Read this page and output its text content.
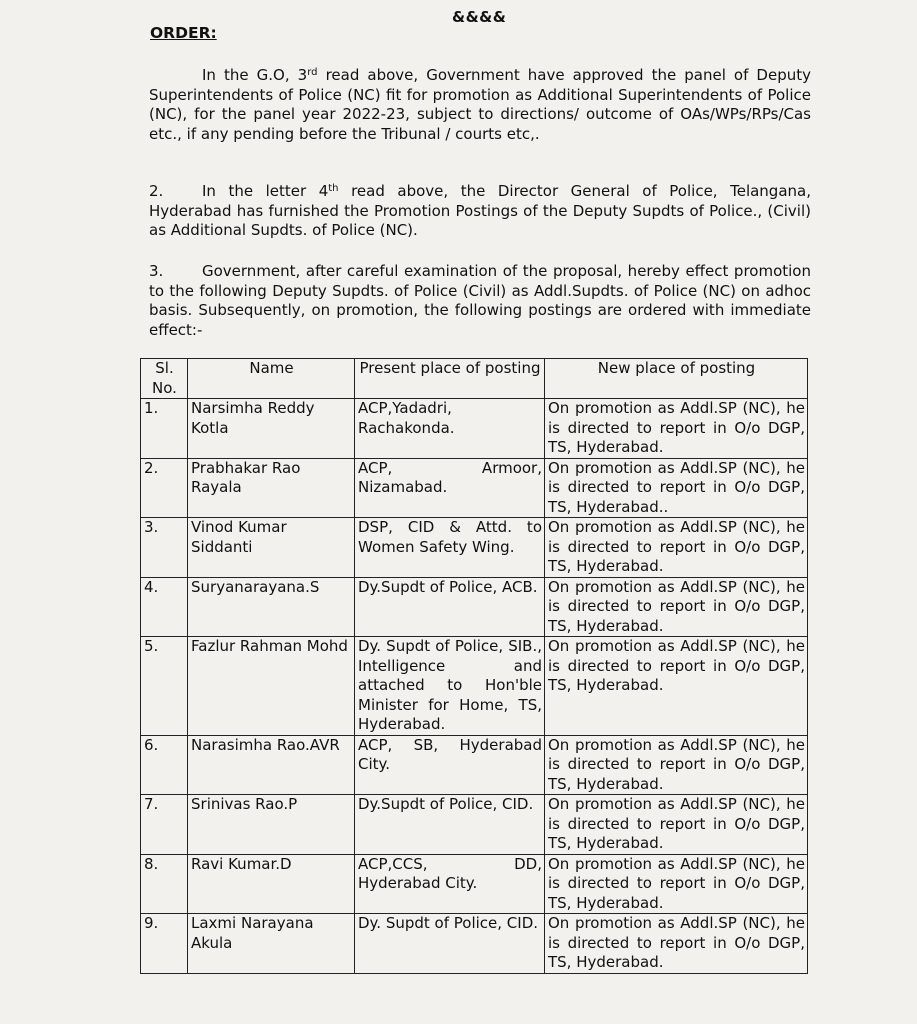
&&&&
ORDER:
In the G.O, 3rd read above, Government have approved the panel of Deputy Superintendents of Police (NC) fit for promotion as Additional Superintendents of Police (NC), for the panel year 2022-23, subject to directions/ outcome of OAs/WPs/RPs/Cas etc., if any pending before the Tribunal / courts etc,.
2.	In the letter 4th read above, the Director General of Police, Telangana, Hyderabad has furnished the Promotion Postings of the Deputy Supdts of Police., (Civil) as Additional Supdts. of Police (NC).
3.	Government, after careful examination of the proposal, hereby effect promotion to the following Deputy Supdts. of Police (Civil) as Addl.Supdts. of Police (NC) on adhoc basis. Subsequently, on promotion, the following postings are ordered with immediate effect:-
Sl. No.	Name	Present place of posting	New place of posting
1.	Narsimha Reddy Kotla	ACP,Yadadri, Rachakonda.	On promotion as Addl.SP (NC), he is directed to report in O/o DGP, TS, Hyderabad.
2.	Prabhakar Rao Rayala	ACP, Armoor, Nizamabad.	On promotion as Addl.SP (NC), he is directed to report in O/o DGP, TS, Hyderabad..
3.	Vinod Kumar Siddanti	DSP, CID & Attd. to Women Safety Wing.	On promotion as Addl.SP (NC), he is directed to report in O/o DGP, TS, Hyderabad.
4.	Suryanarayana.S	Dy.Supdt of Police, ACB.	On promotion as Addl.SP (NC), he is directed to report in O/o DGP, TS, Hyderabad.
5.	Fazlur Rahman Mohd	Dy. Supdt of Police, SIB., Intelligence and attached to Hon'ble Minister for Home, TS, Hyderabad.	On promotion as Addl.SP (NC), he is directed to report in O/o DGP, TS, Hyderabad.
6.	Narasimha Rao.AVR	ACP, SB, Hyderabad City.	On promotion as Addl.SP (NC), he is directed to report in O/o DGP, TS, Hyderabad.
7.	Srinivas Rao.P	Dy.Supdt of Police, CID.	On promotion as Addl.SP (NC), he is directed to report in O/o DGP, TS, Hyderabad.
8.	Ravi Kumar.D	ACP,CCS, DD, Hyderabad City.	On promotion as Addl.SP (NC), he is directed to report in O/o DGP, TS, Hyderabad.
9.	Laxmi Narayana Akula	Dy. Supdt of Police, CID.	On promotion as Addl.SP (NC), he is directed to report in O/o DGP, TS, Hyderabad.
